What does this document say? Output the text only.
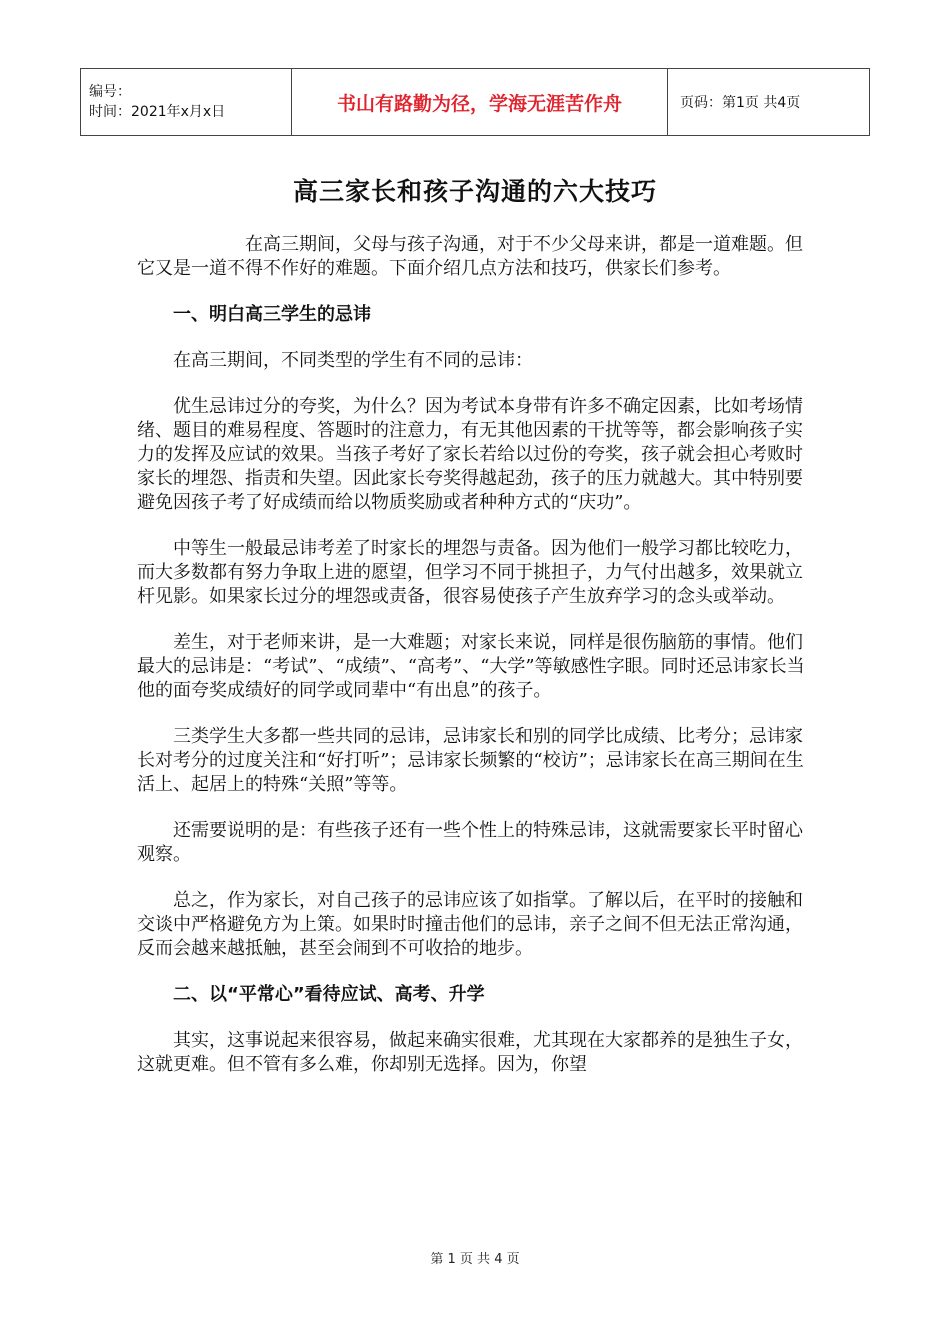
编号：
时间：2021年x月x日	书山有路勤为径，学海无涯苦作舟	页码：第1页 共4页
高三家长和孩子沟通的六大技巧

在高三期间，父母与孩子沟通，对于不少父母来讲，都是一道难题。但它又是一道不得不作好的难题。下面介绍几点方法和技巧，供家长们参考。

一、明白高三学生的忌讳

在高三期间，不同类型的学生有不同的忌讳：

优生忌讳过分的夸奖，为什么？因为考试本身带有许多不确定因素，比如考场情绪、题目的难易程度、答题时的注意力，有无其他因素的干扰等等，都会影响孩子实力的发挥及应试的效果。当孩子考好了家长若给以过份的夸奖，孩子就会担心考败时家长的埋怨、指责和失望。因此家长夸奖得越起劲，孩子的压力就越大。其中特别要避免因孩子考了好成绩而给以物质奖励或者种种方式的“庆功”。

中等生一般最忌讳考差了时家长的埋怨与责备。因为他们一般学习都比较吃力，而大多数都有努力争取上进的愿望，但学习不同于挑担子，力气付出越多，效果就立杆见影。如果家长过分的埋怨或责备，很容易使孩子产生放弃学习的念头或举动。

差生，对于老师来讲，是一大难题；对家长来说，同样是很伤脑筋的事情。他们最大的忌讳是：“考试”、“成绩”、“高考”、“大学”等敏感性字眼。同时还忌讳家长当他的面夸奖成绩好的同学或同辈中“有出息”的孩子。

三类学生大多都一些共同的忌讳，忌讳家长和别的同学比成绩、比考分；忌讳家长对考分的过度关注和“好打听”；忌讳家长频繁的“校访”；忌讳家长在高三期间在生活上、起居上的特殊“关照”等等。

还需要说明的是：有些孩子还有一些个性上的特殊忌讳，这就需要家长平时留心观察。

总之，作为家长，对自己孩子的忌讳应该了如指掌。了解以后，在平时的接触和交谈中严格避免方为上策。如果时时撞击他们的忌讳，亲子之间不但无法正常沟通，反而会越来越抵触，甚至会闹到不可收拾的地步。

二、以“平常心”看待应试、高考、升学

其实，这事说起来很容易，做起来确实很难，尤其现在大家都养的是独生子女，这就更难。但不管有多么难，你却别无选择。因为，你望

第 1 页 共 4 页
